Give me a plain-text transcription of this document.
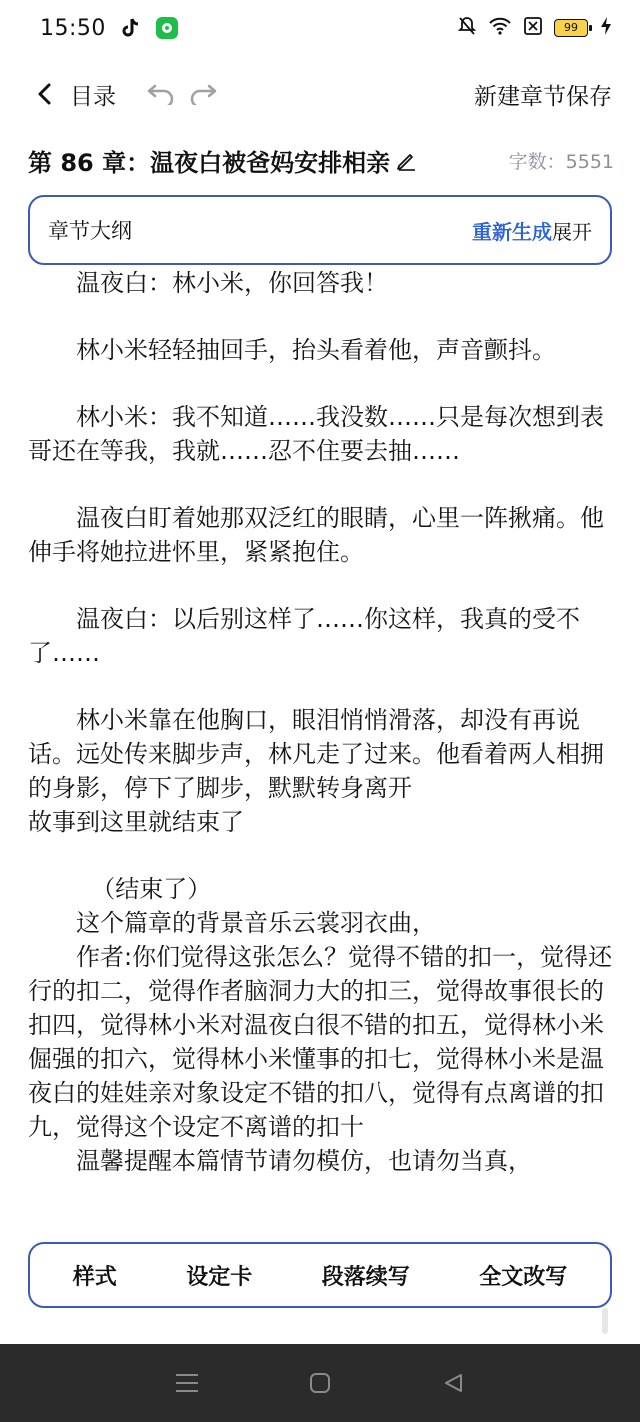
15:50	99
目录	新建章节 保存
第 86 章：温夜白被爸妈安排相亲	字数：5551
章节大纲	重新生成 展开

温夜白：林小米，你回答我！

林小米轻轻抽回手，抬头看着他，声音颤抖。

林小米：我不知道……我没数……只是每次想到表哥还在等我，我就……忍不住要去抽……

温夜白盯着她那双泛红的眼睛，心里一阵揪痛。他伸手将她拉进怀里，紧紧抱住。

温夜白：以后别这样了……你这样，我真的受不了……

林小米靠在他胸口，眼泪悄悄滑落，却没有再说话。远处传来脚步声，林凡走了过来。他看着两人相拥的身影，停下了脚步，默默转身离开

故事到这里就结束了

（结束了）

这个篇章的背景音乐云裳羽衣曲，

作者:你们觉得这张怎么？觉得不错的扣一，觉得还行的扣二，觉得作者脑洞力大的扣三，觉得故事很长的扣四，觉得林小米对温夜白很不错的扣五，觉得林小米倔强的扣六，觉得林小米懂事的扣七，觉得林小米是温夜白的娃娃亲对象设定不错的扣八，觉得有点离谱的扣九，觉得这个设定不离谱的扣十

温馨提醒本篇情节请勿模仿，也请勿当真，

样式	设定卡	段落续写	全文改写
